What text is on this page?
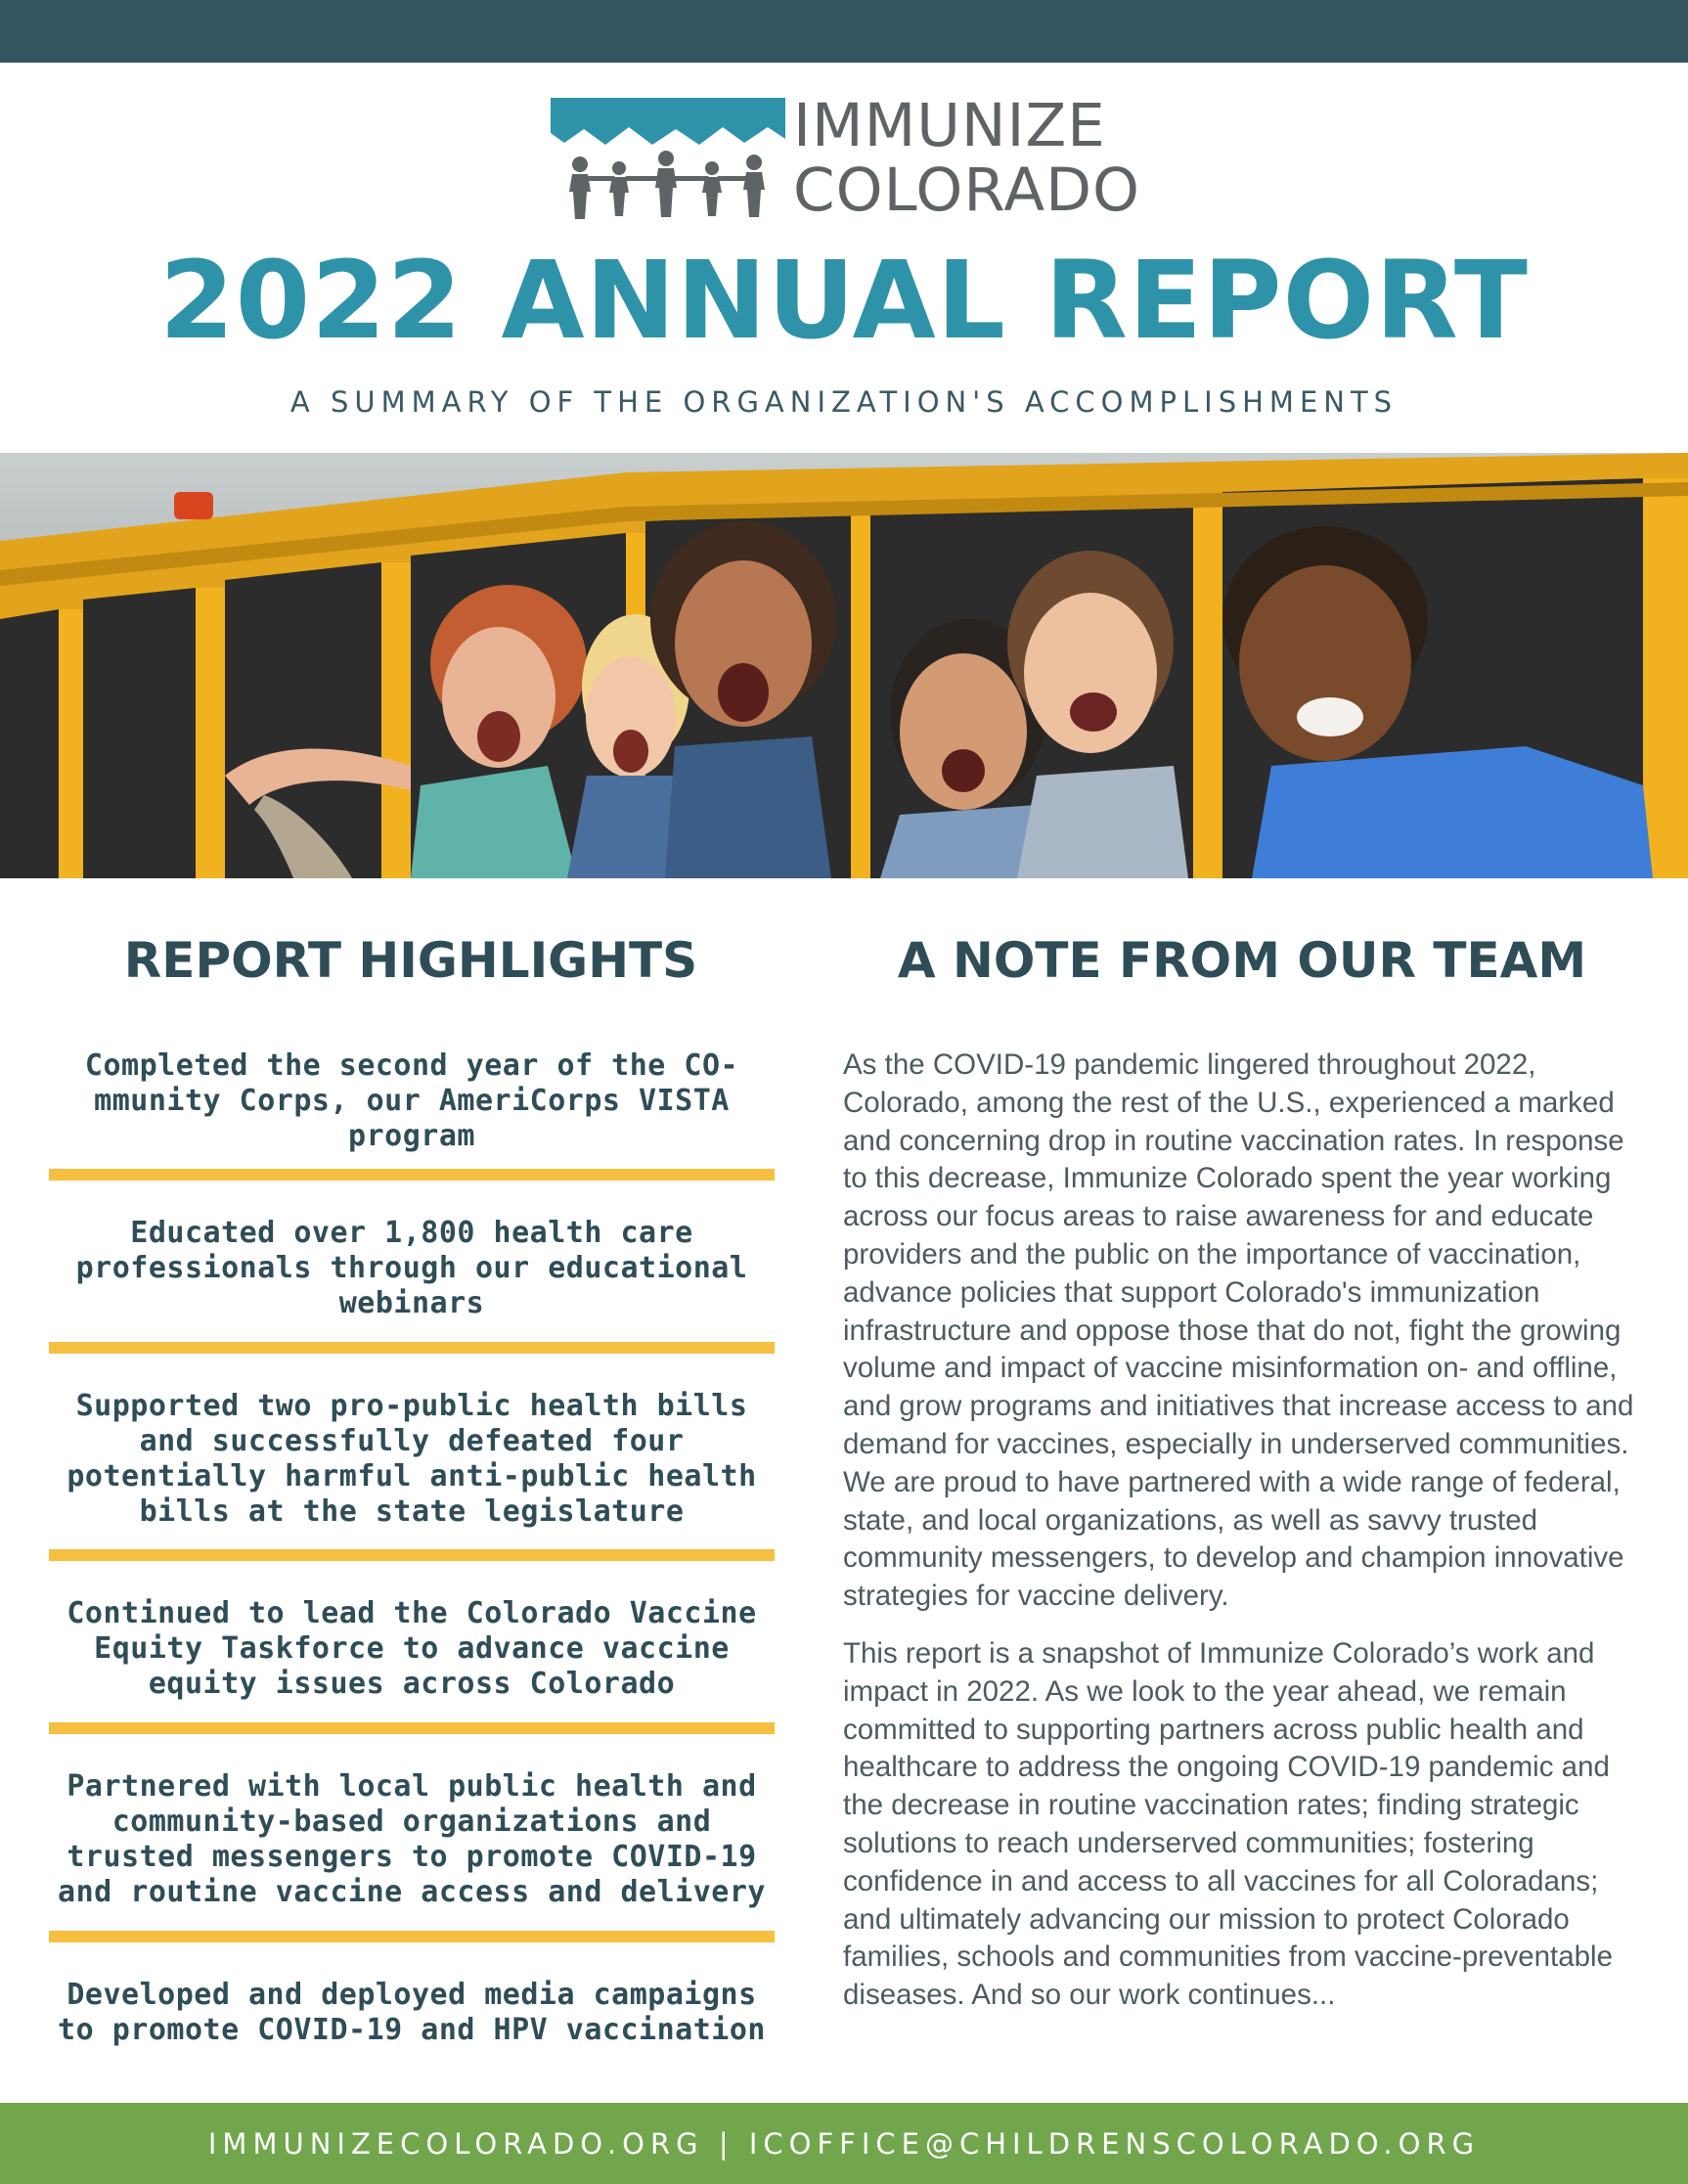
IMMUNIZE
COLORADO
2022 ANNUAL REPORT
A SUMMARY OF THE ORGANIZATION'S ACCOMPLISHMENTS
REPORT HIGHLIGHTS	A NOTE FROM OUR TEAM
Completed the second year of the CO-mmunity Corps, our AmeriCorps VISTA program
Educated over 1,800 health care professionals through our educational webinars
Supported two pro-public health bills and successfully defeated four potentially harmful anti-public health bills at the state legislature
Continued to lead the Colorado Vaccine Equity Taskforce to advance vaccine equity issues across Colorado
Partnered with local public health and community-based organizations and trusted messengers to promote COVID-19 and routine vaccine access and delivery
Developed and deployed media campaigns to promote COVID-19 and HPV vaccination

As the COVID-19 pandemic lingered throughout 2022, Colorado, among the rest of the U.S., experienced a marked and concerning drop in routine vaccination rates. In response to this decrease, Immunize Colorado spent the year working across our focus areas to raise awareness for and educate providers and the public on the importance of vaccination, advance policies that support Colorado's immunization infrastructure and oppose those that do not, fight the growing volume and impact of vaccine misinformation on- and offline, and grow programs and initiatives that increase access to and demand for vaccines, especially in underserved communities. We are proud to have partnered with a wide range of federal, state, and local organizations, as well as savvy trusted community messengers, to develop and champion innovative strategies for vaccine delivery.

This report is a snapshot of Immunize Colorado’s work and impact in 2022. As we look to the year ahead, we remain committed to supporting partners across public health and healthcare to address the ongoing COVID-19 pandemic and the decrease in routine vaccination rates; finding strategic solutions to reach underserved communities; fostering confidence in and access to all vaccines for all Coloradans; and ultimately advancing our mission to protect Colorado families, schools and communities from vaccine-preventable diseases. And so our work continues...

IMMUNIZECOLORADO.ORG | ICOFFICE@CHILDRENSCOLORADO.ORG
